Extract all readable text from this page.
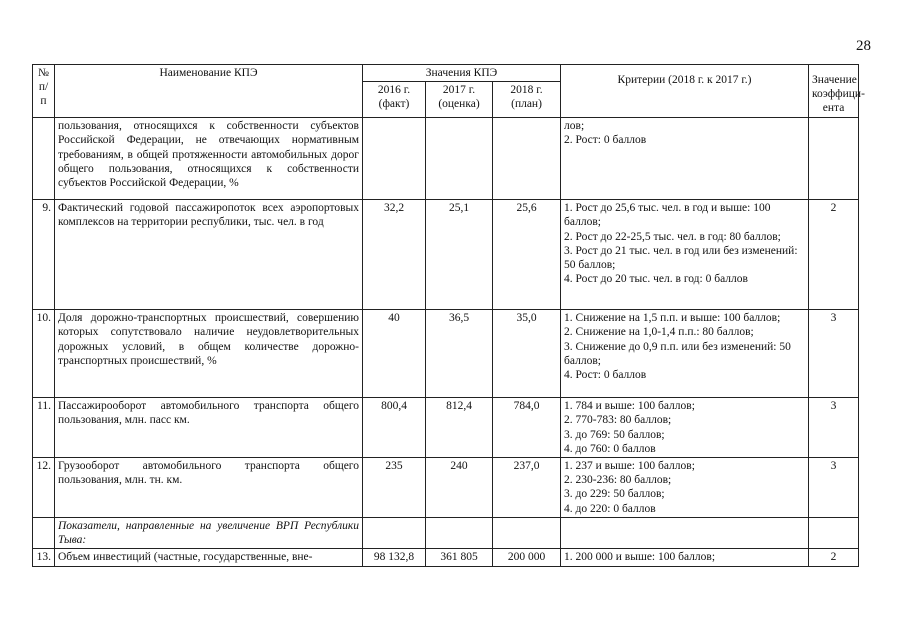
28
№ п/п	Наименование КПЭ	Значения КПЭ			Критерии (2018 г. к 2017 г.)	Значение коэффици-ента
		2016 г. (факт)	2017 г. (оценка)	2018 г. (план)		
	пользования, относящихся к собственности субъектов Российской Федерации, не отвечающих нормативным требованиям, в общей протяженности автомобильных дорог общего пользования, относящихся к собственности субъектов Российской Федерации, %				лов;
2. Рост: 0 баллов	

9.	Фактический годовой пассажиропоток всех аэропортовых комплексов на территории республики, тыс. чел. в год	32,2	25,1	25,6	1. Рост до 25,6 тыс. чел. в год и выше: 100 баллов;
2. Рост до 22-25,5 тыс. чел. в год: 80 баллов;
3. Рост до 21 тыс. чел. в год или без изменений: 50 баллов;
4. Рост до 20 тыс. чел. в год: 0 баллов	2
10.	Доля дорожно-транспортных происшествий, совершению которых сопутствовало наличие неудовлетворительных дорожных условий, в общем количестве дорожно-транспортных происшествий, %	40	36,5	35,0	1. Снижение на 1,5 п.п. и выше: 100 баллов;
2. Снижение на 1,0-1,4 п.п.: 80 баллов;
3. Снижение до 0,9 п.п. или без изменений: 50 баллов;
4. Рост: 0 баллов	3
11.	Пассажирооборот автомобильного транспорта общего пользования, млн. пасс км.	800,4	812,4	784,0	1. 784 и выше: 100 баллов;
2. 770-783: 80 баллов;
3. до 769: 50 баллов;
4. до 760: 0 баллов	3
12.	Грузооборот автомобильного транспорта общего пользования, млн. тн. км.	235	240	237,0	1. 237 и выше: 100 баллов;
2. 230-236: 80 баллов;
3. до 229: 50 баллов;
4. до 220: 0 баллов	3
	Показатели, направленные на увеличение ВРП Республики Тыва:					
13.	Объем инвестиций (частные, государственные, вне-	98 132,8	361 805	200 000	1. 200 000 и выше: 100 баллов;	2
